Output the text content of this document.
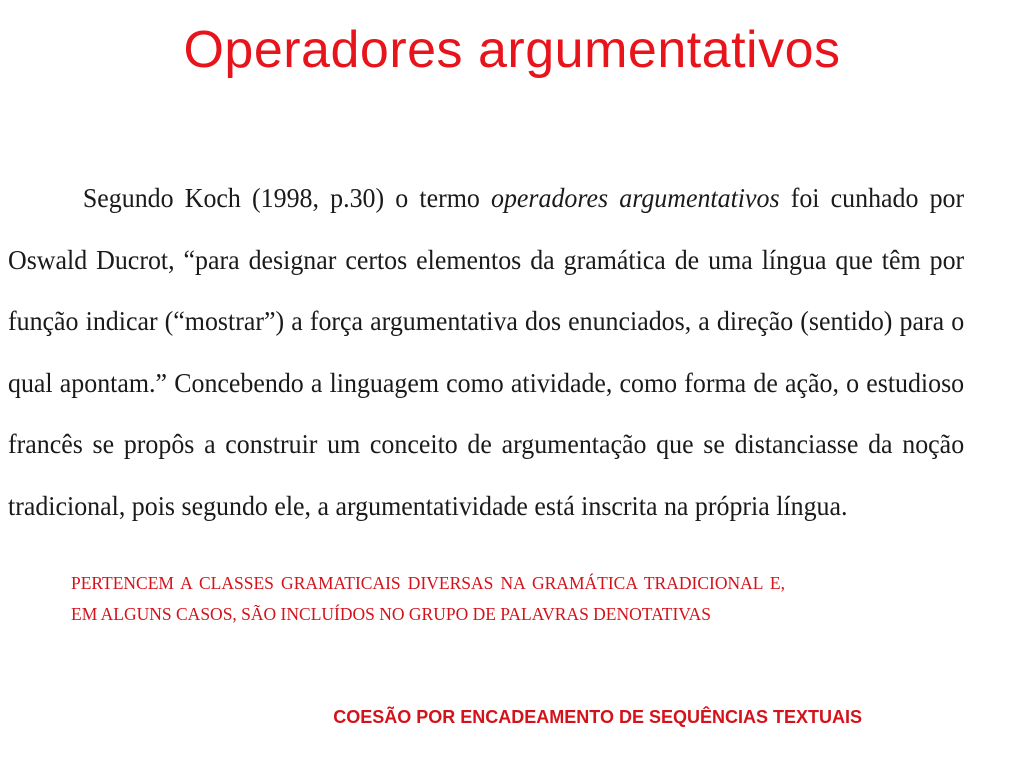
Operadores argumentativos

Segundo Koch (1998, p.30) o termo operadores argumentativos foi cunhado por Oswald Ducrot, “para designar certos elementos da gramática de uma língua que têm por função indicar (“mostrar”) a força argumentativa dos enunciados, a direção (sentido) para o qual apontam.” Concebendo a linguagem como atividade, como forma de ação, o estudioso francês se propôs a construir um conceito de argumentação que se distanciasse da noção tradicional, pois segundo ele, a argumentatividade está inscrita na própria língua.

PERTENCEM A CLASSES GRAMATICAIS DIVERSAS NA GRAMÁTICA TRADICIONAL E, EM ALGUNS CASOS, SÃO INCLUÍDOS NO GRUPO DE PALAVRAS DENOTATIVAS
COESÃO POR ENCADEAMENTO DE SEQUÊNCIAS TEXTUAIS
